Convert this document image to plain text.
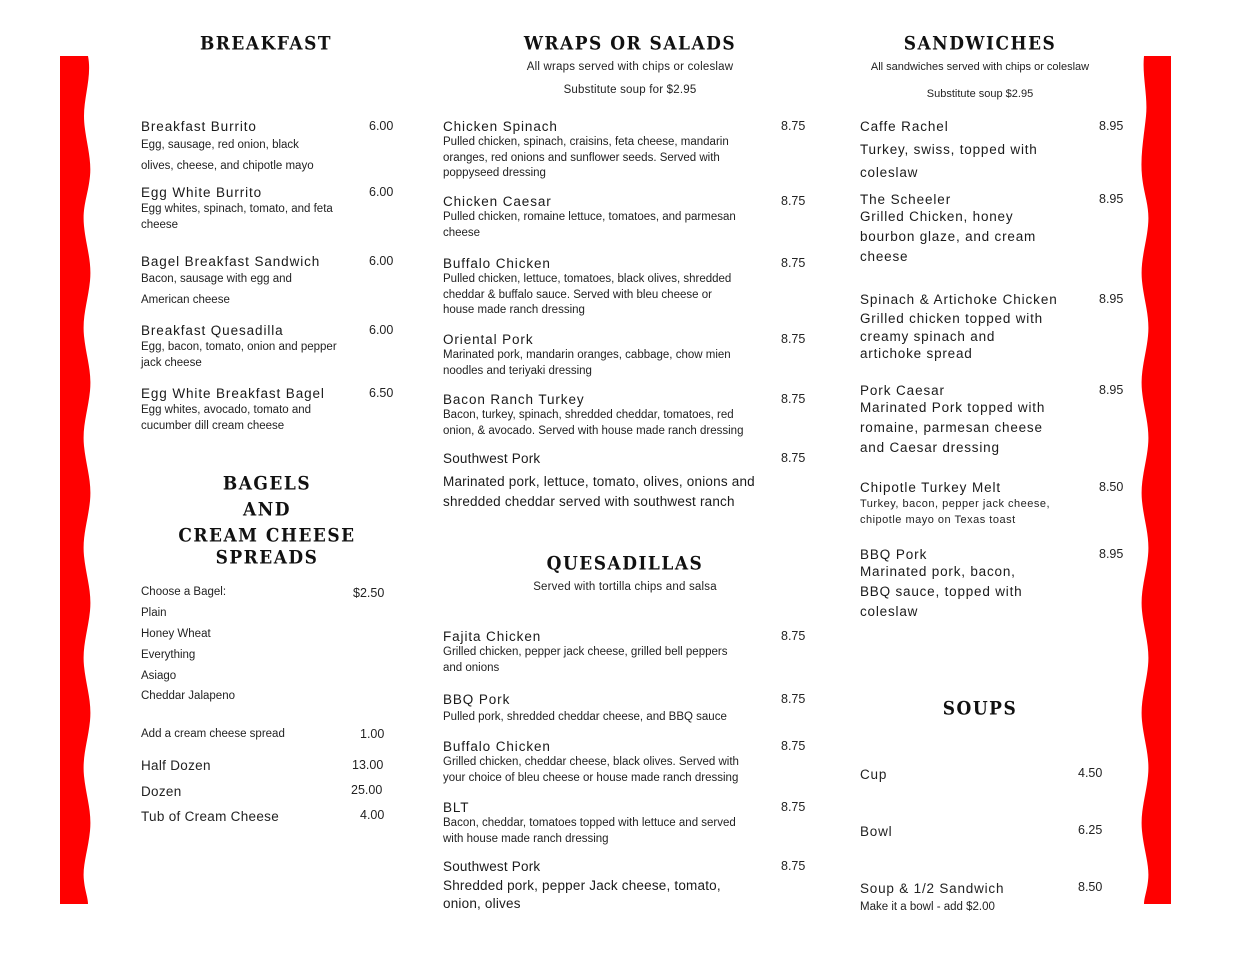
BREAKFAST
Breakfast Burrito	6.00
Egg, sausage, red onion, black
olives, cheese, and chipotle mayo
Egg White Burrito	6.00
Egg whites, spinach, tomato, and feta
cheese
Bagel Breakfast Sandwich	6.00
Bacon, sausage with egg and
American cheese
Breakfast Quesadilla	6.00
Egg, bacon, tomato, onion and pepper
jack cheese
Egg White Breakfast Bagel	6.50
Egg whites, avocado, tomato and
cucumber dill cream cheese
BAGELS
AND
CREAM CHEESE SPREADS
Choose a Bagel:	$2.50
Plain
Honey Wheat
Everything
Asiago
Cheddar Jalapeno
Add a cream cheese spread	1.00
Half Dozen	13.00
Dozen	25.00
Tub of Cream Cheese	4.00
WRAPS OR SALADS
All wraps served with chips or coleslaw
Substitute soup for $2.95
Chicken Spinach	8.75
Pulled chicken, spinach, craisins, feta cheese, mandarin
oranges, red onions and sunflower seeds. Served with
poppyseed dressing
Chicken Caesar	8.75
Pulled chicken, romaine lettuce, tomatoes, and parmesan
cheese
Buffalo Chicken	8.75
Pulled chicken, lettuce, tomatoes, black olives, shredded
cheddar & buffalo sauce. Served with bleu cheese or
house made ranch dressing
Oriental Pork	8.75
Marinated pork, mandarin oranges, cabbage, chow mien
noodles and teriyaki dressing
Bacon Ranch Turkey	8.75
Bacon, turkey, spinach, shredded cheddar, tomatoes, red
onion, & avocado. Served with house made ranch dressing
Southwest Pork	8.75
Marinated pork, lettuce, tomato, olives, onions and
shredded cheddar served with southwest ranch
QUESADILLAS
Served with tortilla chips and salsa
Fajita Chicken	8.75
Grilled chicken, pepper jack cheese, grilled bell peppers
and onions
BBQ Pork	8.75
Pulled pork, shredded cheddar cheese, and BBQ sauce
Buffalo Chicken	8.75
Grilled chicken, cheddar cheese, black olives. Served with
your choice of bleu cheese or house made ranch dressing
BLT	8.75
Bacon, cheddar, tomatoes topped with lettuce and served
with house made ranch dressing
Southwest Pork	8.75
Shredded pork, pepper Jack cheese, tomato,
onion, olives
SANDWICHES
All sandwiches served with chips or coleslaw
Substitute soup $2.95
Caffe Rachel	8.95
Turkey, swiss, topped with
coleslaw
The Scheeler	8.95
Grilled Chicken, honey
bourbon glaze, and cream
cheese
Spinach & Artichoke Chicken	8.95
Grilled chicken topped with
creamy spinach and
artichoke spread
Pork Caesar	8.95
Marinated Pork topped with
romaine, parmesan cheese
and Caesar dressing
Chipotle Turkey Melt	8.50
Turkey, bacon, pepper jack cheese,
chipotle mayo on Texas toast
BBQ Pork	8.95
Marinated pork, bacon,
BBQ sauce, topped with
coleslaw
SOUPS
Cup	4.50
Bowl	6.25
Soup & 1/2 Sandwich	8.50
Make it a bowl - add $2.00
